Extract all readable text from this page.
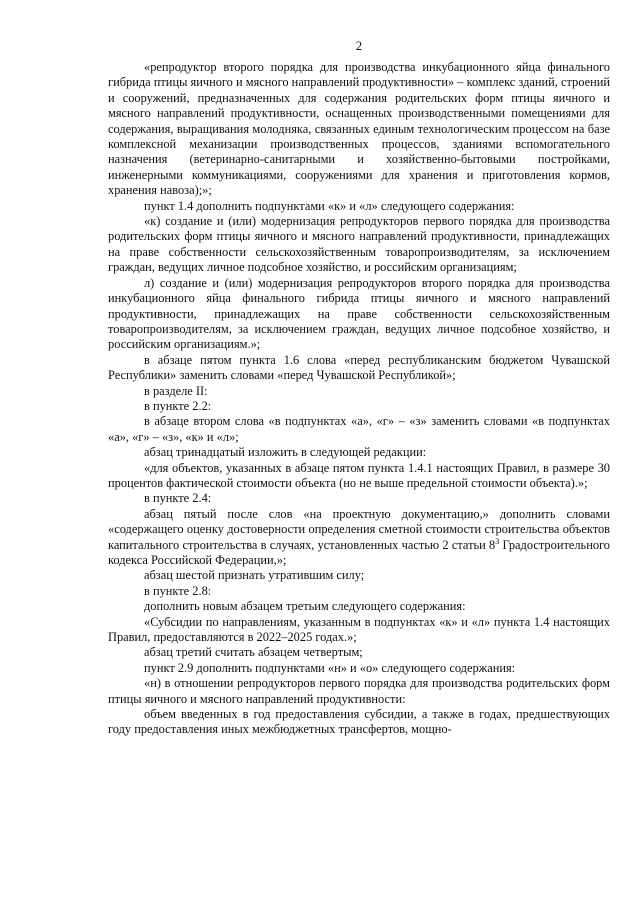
2

«репродуктор второго порядка для производства инкубационного яйца финального гибрида птицы яичного и мясного направлений продуктивности» – комплекс зданий, строений и сооружений, предназначенных для содержания родительских форм птицы яичного и мясного направлений продуктивности, оснащенных производственными помещениями для содержания, выращивания молодняка, связанных единым технологическим процессом на базе комплексной механизации производственных процессов, зданиями вспомогательного назначения (ветеринарно-санитарными и хозяйственно-бытовыми постройками, инженерными коммуникациями, сооружениями для хранения и приготовления кормов, хранения навоза);»;

пункт 1.4 дополнить подпунктами «к» и «л» следующего содержания:

«к) создание и (или) модернизация репродукторов первого порядка для производства родительских форм птицы яичного и мясного направлений продуктивности, принадлежащих на праве собственности сельскохозяйственным товаропроизводителям, за исключением граждан, ведущих личное подсобное хозяйство, и российским организациям;

л) создание и (или) модернизация репродукторов второго порядка для производства инкубационного яйца финального гибрида птицы яичного и мясного направлений продуктивности, принадлежащих на праве собственности сельскохозяйственным товаропроизводителям, за исключением граждан, ведущих личное подсобное хозяйство, и российским организациям.»;

в абзаце пятом пункта 1.6 слова «перед республиканским бюджетом Чувашской Республики» заменить словами «перед Чувашской Республикой»;

в разделе II:

в пункте 2.2:

в абзаце втором слова «в подпунктах «а», «г» – «з» заменить словами «в подпунктах «а», «г» – «з», «к» и «л»;

абзац тринадцатый изложить в следующей редакции:

«для объектов, указанных в абзаце пятом пункта 1.4.1 настоящих Правил, в размере 30 процентов фактической стоимости объекта (но не выше предельной стоимости объекта).»;

в пункте 2.4:

абзац пятый после слов «на проектную документацию,» дополнить словами «содержащего оценку достоверности определения сметной стоимости строительства объектов капитального строительства в случаях, установленных частью 2 статьи $8^3$ Градостроительного кодекса Российской Федерации,»;

абзац шестой признать утратившим силу;

в пункте 2.8:

дополнить новым абзацем третьим следующего содержания:

«Субсидии по направлениям, указанным в подпунктах «к» и «л» пункта 1.4 настоящих Правил, предоставляются в 2022–2025 годах.»;

абзац третий считать абзацем четвертым;

пункт 2.9 дополнить подпунктами «н» и «о» следующего содержания:

«н) в отношении репродукторов первого порядка для производства родительских форм птицы яичного и мясного направлений продуктивности:

объем введенных в год предоставления субсидии, а также в годах, предшествующих году предоставления иных межбюджетных трансфертов, мощно-
